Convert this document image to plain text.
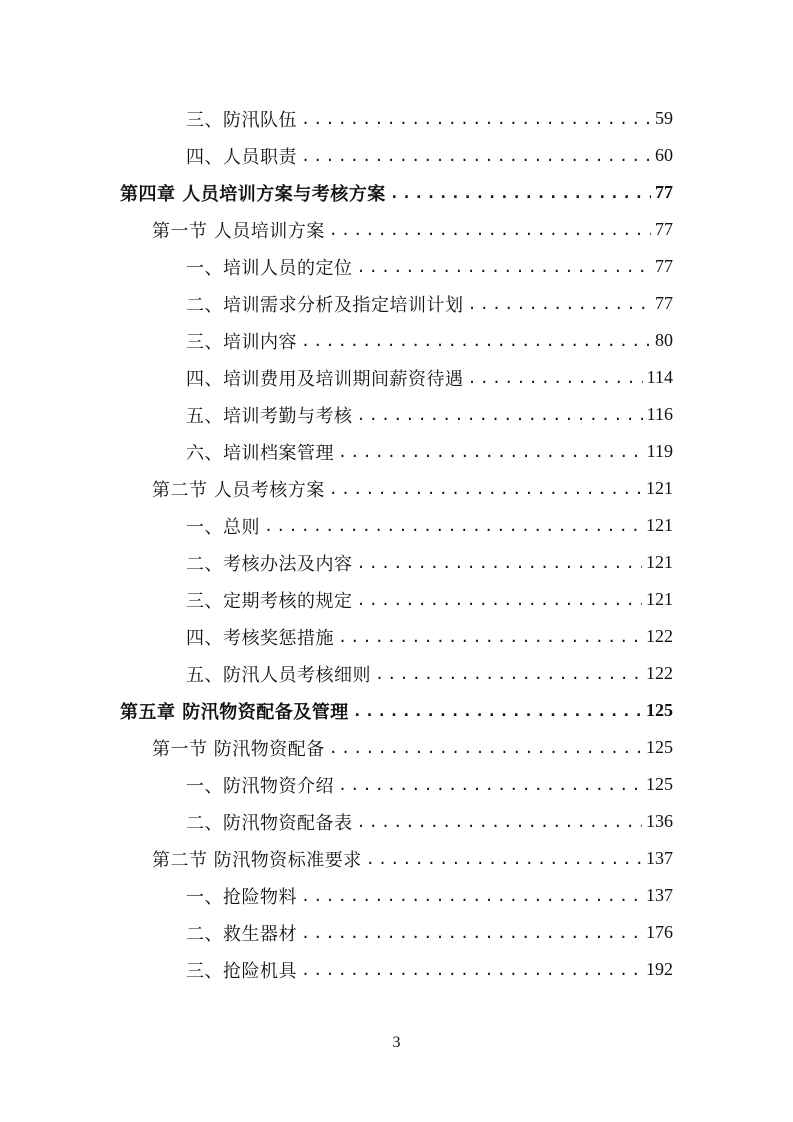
三、防汛队伍 .....	59
四、人员职责 .....	60
第四章 人员培训方案与考核方案 .....	77
第一节 人员培训方案 .....	77
一、培训人员的定位 .....	77
二、培训需求分析及指定培训计划 .....	77
三、培训内容 .....	80
四、培训费用及培训期间薪资待遇 .....	114
五、培训考勤与考核 .....	116
六、培训档案管理 .....	119
第二节 人员考核方案 .....	121
一、总则 .....	121
二、考核办法及内容 .....	121
三、定期考核的规定 .....	121
四、考核奖惩措施 .....	122
五、防汛人员考核细则 .....	122
第五章 防汛物资配备及管理 .....	125
第一节 防汛物资配备 .....	125
一、防汛物资介绍 .....	125
二、防汛物资配备表 .....	136
第二节 防汛物资标准要求 .....	137
一、抢险物料 .....	137
二、救生器材 .....	176
三、抢险机具 .....	192
3
